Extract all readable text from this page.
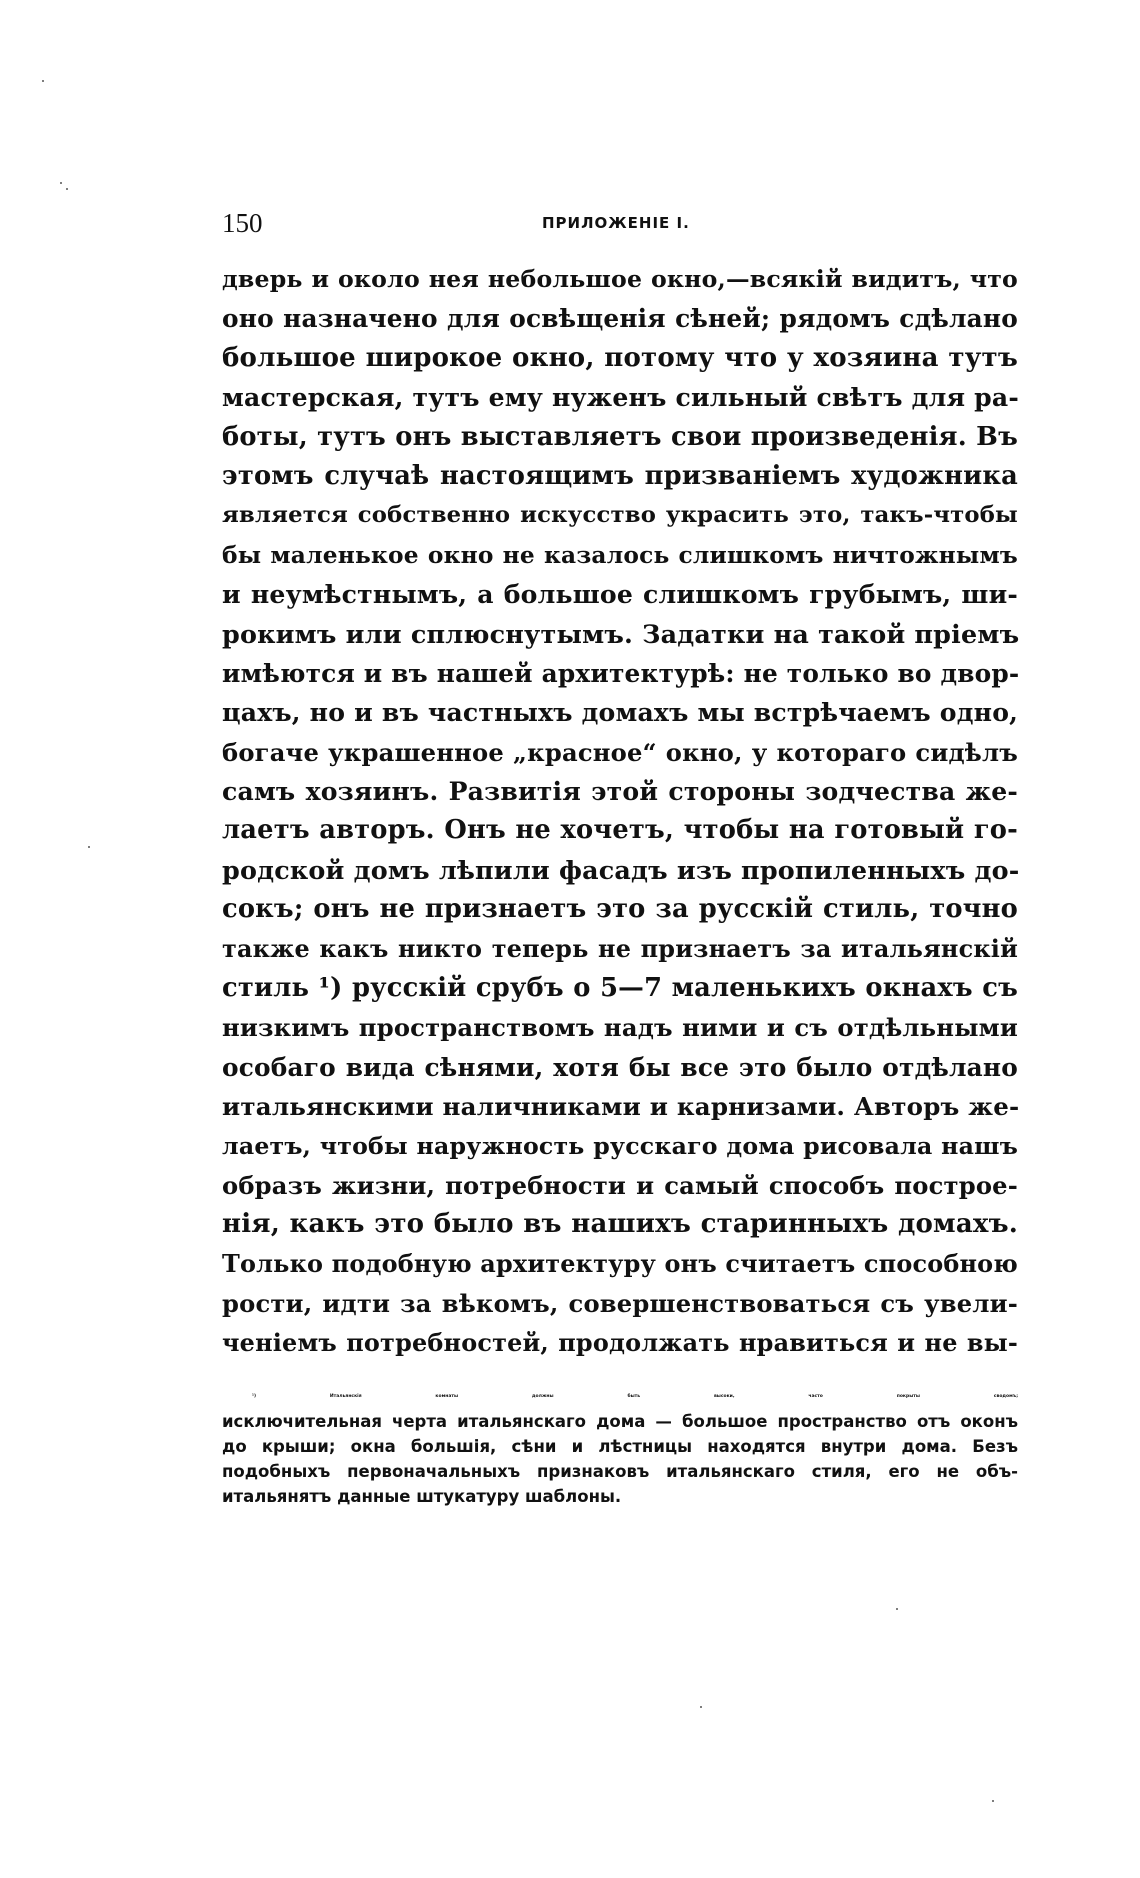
150	ПРИЛОЖЕНІЕ I.
дверь и около нея небольшое окно,—всякій видитъ, что
оно назначено для освѣщенія сѣней; рядомъ сдѣлано
большое широкое окно, потому что у хозяина тутъ
мастерская, тутъ ему нуженъ сильный свѣтъ для ра-
боты, тутъ онъ выставляетъ свои произведенія. Въ
этомъ случаѣ настоящимъ призваніемъ художника
является собственно искусство украсить это, такъ-чтобы
бы маленькое окно не казалось слишкомъ ничтожнымъ
и неумѣстнымъ, а большое слишкомъ грубымъ, ши-
рокимъ или сплюснутымъ. Задатки на такой пріемъ
имѣются и въ нашей архитектурѣ: не только во двор-
цахъ, но и въ частныхъ домахъ мы встрѣчаемъ одно,
богаче украшенное „красное“ окно, у котораго сидѣлъ
самъ хозяинъ. Развитія этой стороны зодчества же-
лаетъ авторъ. Онъ не хочетъ, чтобы на готовый го-
родской домъ лѣпили фасадъ изъ пропиленныхъ до-
сокъ; онъ не признаетъ это за русскій стиль, точно
также какъ никто теперь не признаетъ за итальянскій
стиль ¹) русскій срубъ о 5—7 маленькихъ окнахъ съ
низкимъ пространствомъ надъ ними и съ отдѣльными
особаго вида сѣнями, хотя бы все это было отдѣлано
итальянскими наличниками и карнизами. Авторъ же-
лаетъ, чтобы наружность русскаго дома рисовала нашъ
образъ жизни, потребности и самый способъ построе-
нія, какъ это было въ нашихъ старинныхъ домахъ.
Только подобную архитектуру онъ считаетъ способною
рости, идти за вѣкомъ, совершенствоваться съ увели-
ченіемъ потребностей, продолжать нравиться и не вы-
¹) Итальянскія комнаты должны быть высоки, часто покрыты сводомъ;
исключительная черта итальянскаго дома — большое пространство отъ оконъ
до крыши; окна большія, сѣни и лѣстницы находятся внутри дома. Безъ
подобныхъ первоначальныхъ признаковъ итальянскаго стиля, его не объ-
итальянятъ данные штукатуру шаблоны.
